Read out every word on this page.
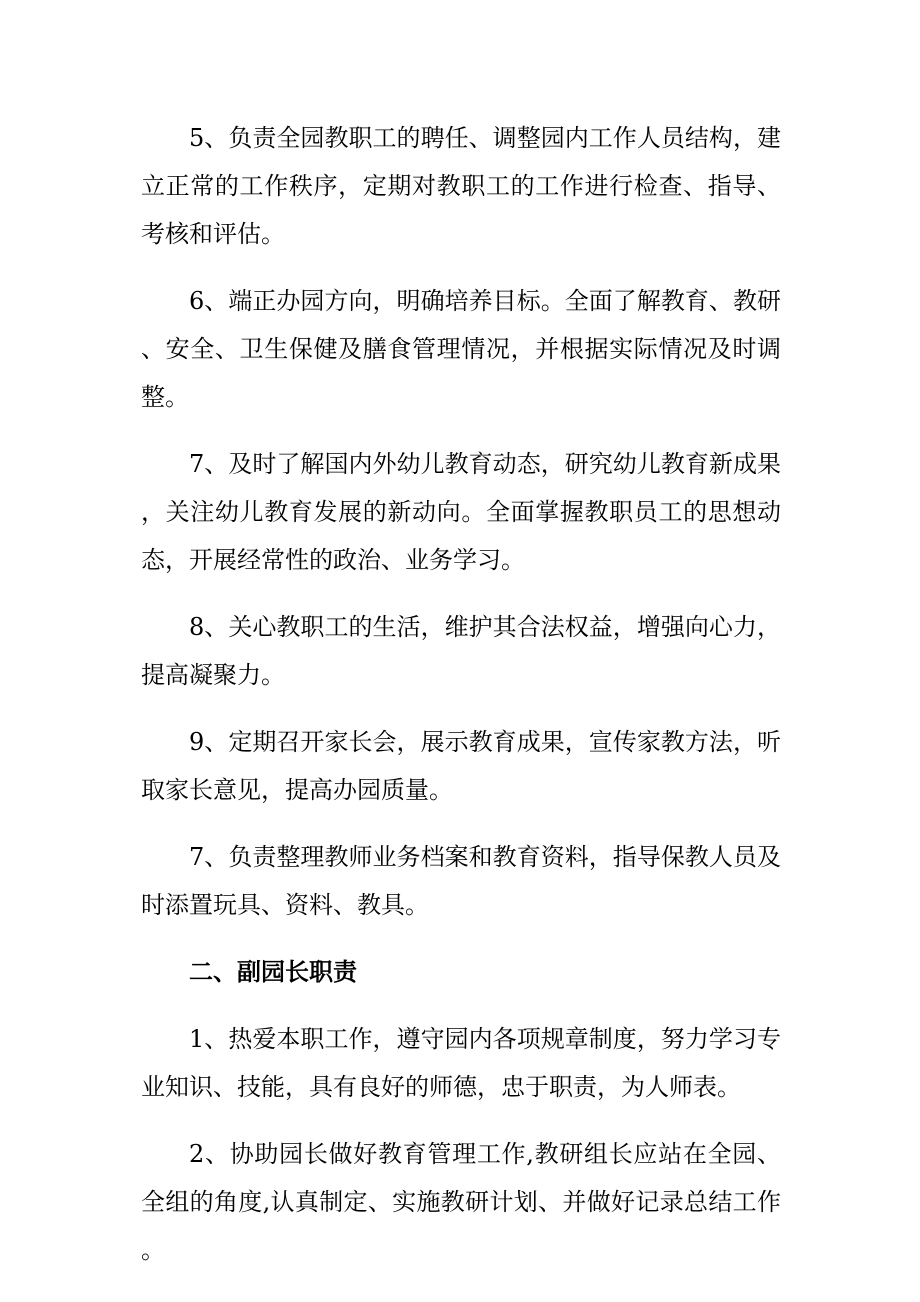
5、负责全园教职工的聘任、调整园内工作人员结构，建立正常的工作秩序，定期对教职工的工作进行检查、指导、考核和评估。

6、端正办园方向，明确培养目标。全面了解教育、教研、安全、卫生保健及膳食管理情况，并根据实际情况及时调整。

7、及时了解国内外幼儿教育动态，研究幼儿教育新成果，关注幼儿教育发展的新动向。全面掌握教职员工的思想动态，开展经常性的政治、业务学习。

8、关心教职工的生活，维护其合法权益，增强向心力，提高凝聚力。

9、定期召开家长会，展示教育成果，宣传家教方法，听取家长意见，提高办园质量。

7、负责整理教师业务档案和教育资料，指导保教人员及时添置玩具、资料、教具。

二、副园长职责

1、热爱本职工作，遵守园内各项规章制度，努力学习专业知识、技能，具有良好的师德，忠于职责，为人师表。

2、协助园长做好教育管理工作,教研组长应站在全园、全组的角度,认真制定、实施教研计划、并做好记录总结工作。
